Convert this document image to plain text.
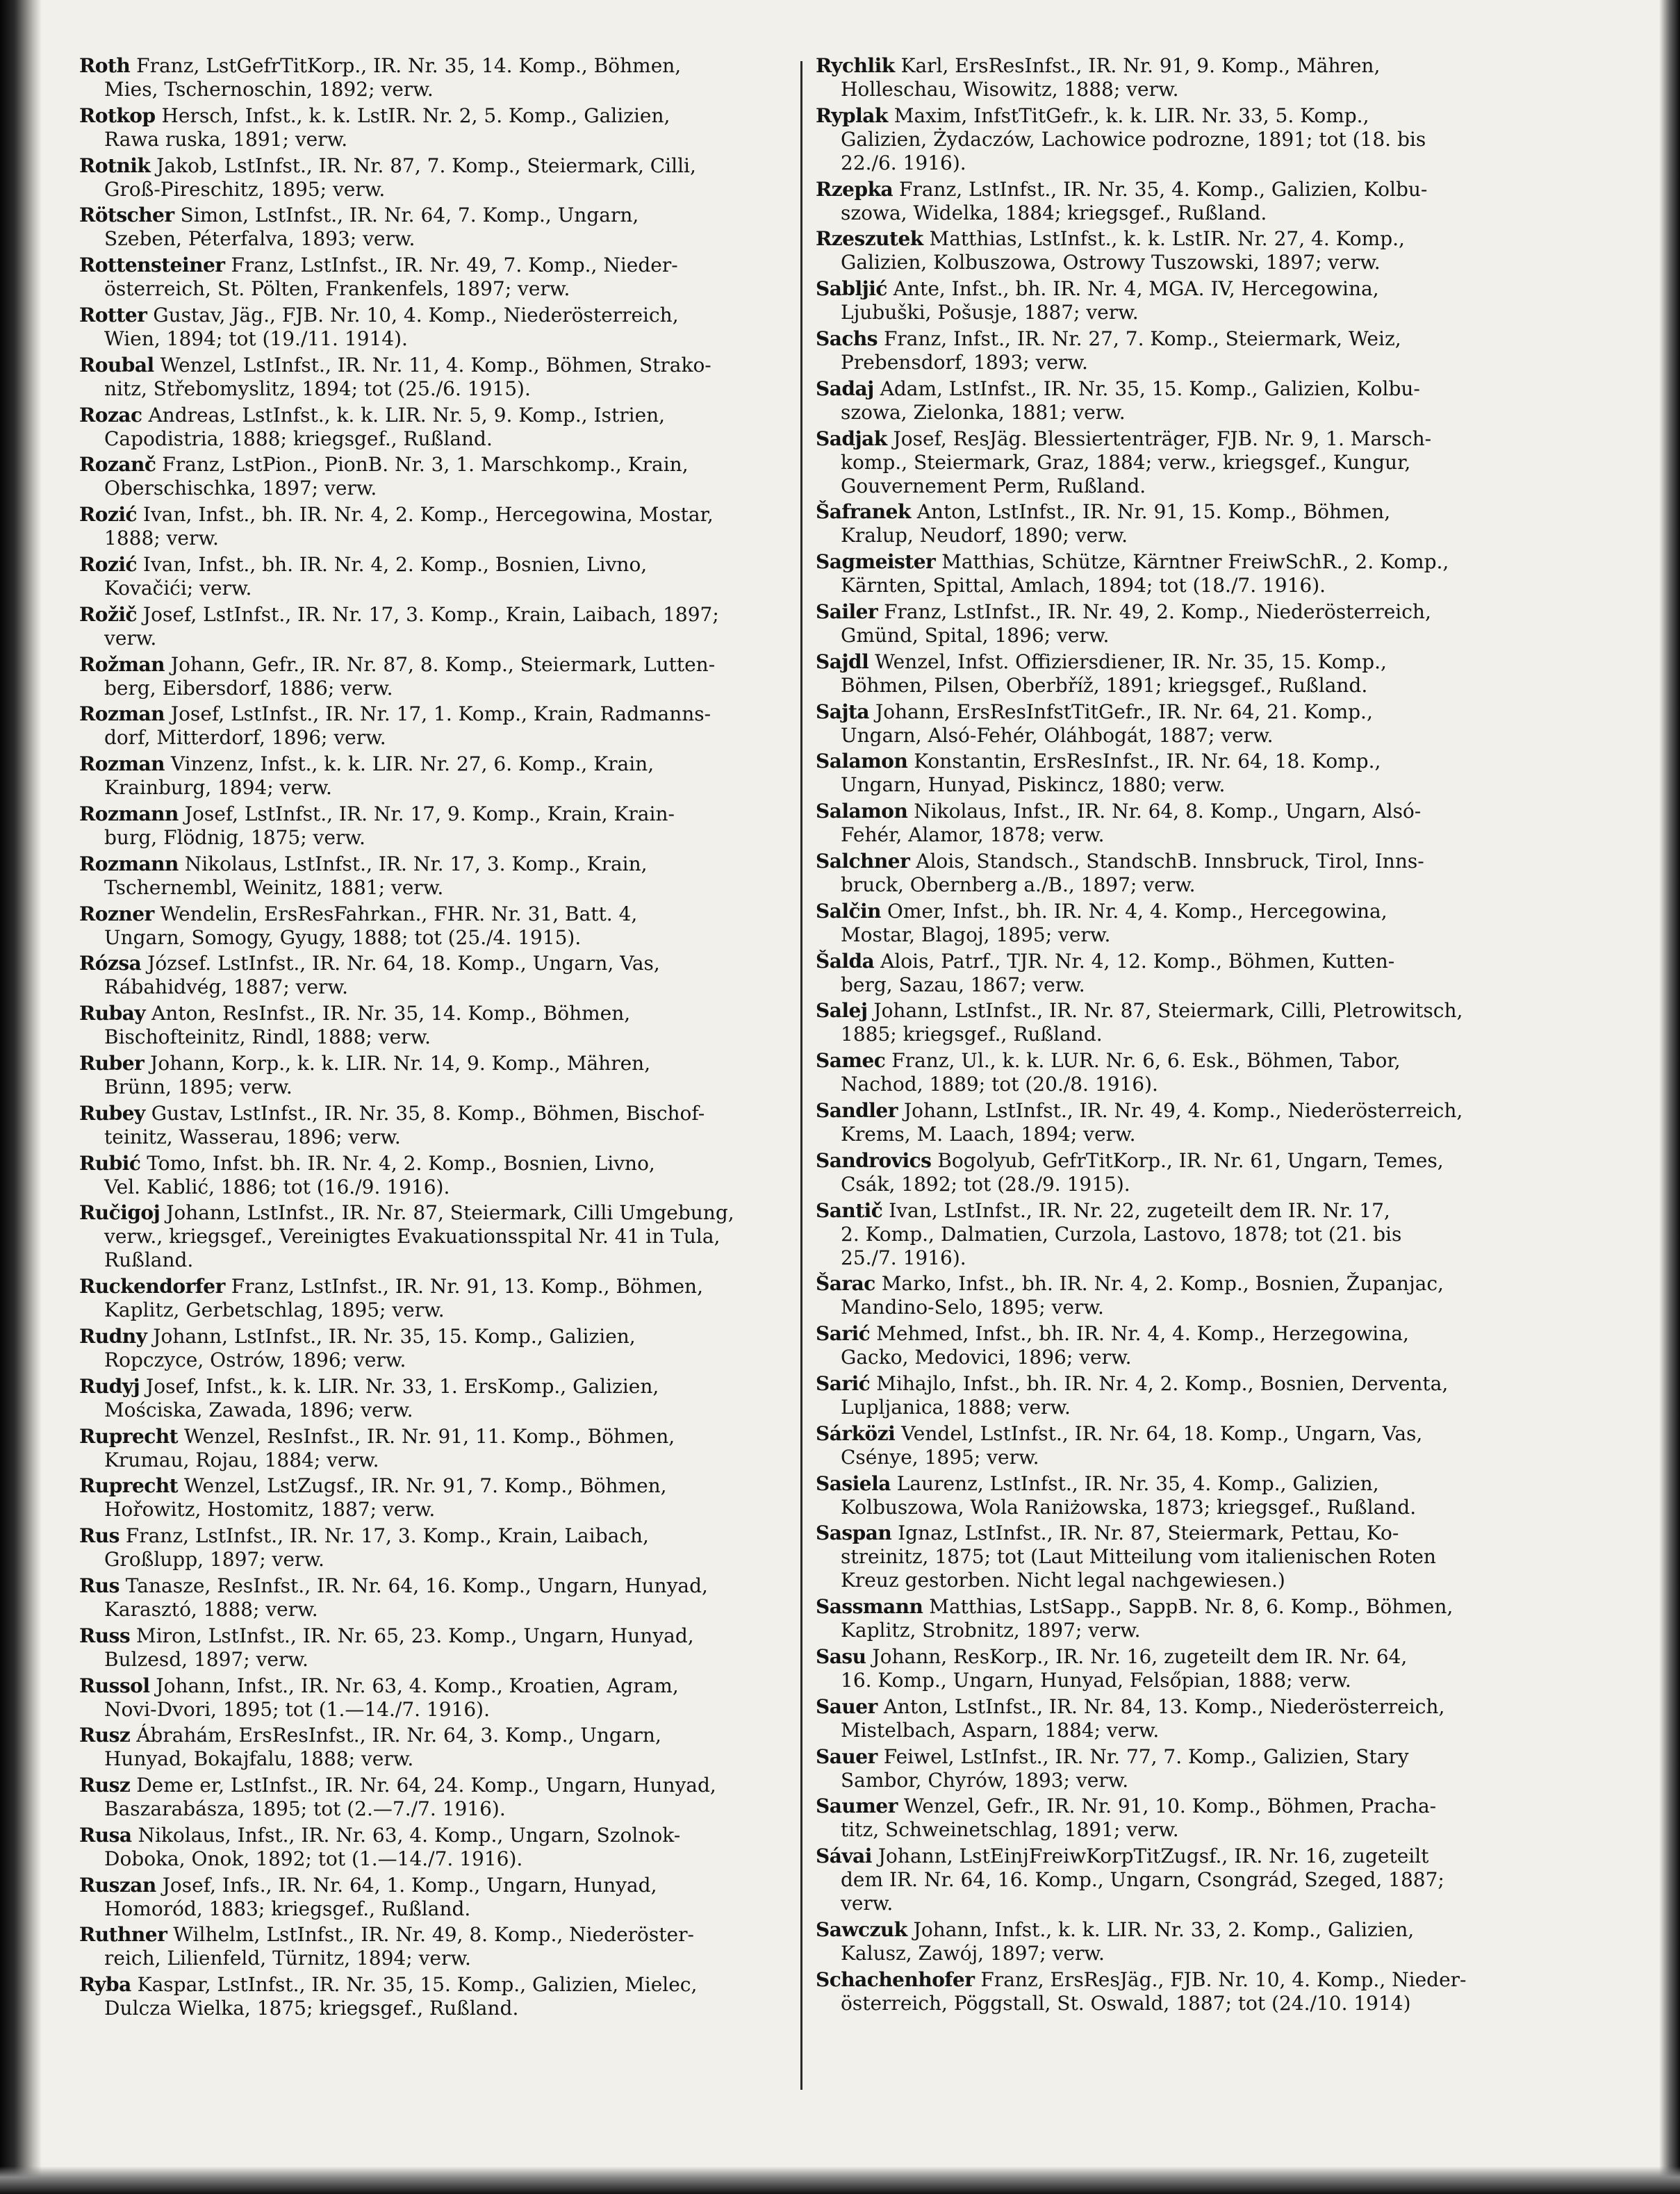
Roth Franz, LstGefrTitKorp., IR. Nr. 35, 14. Komp., Böhmen,
Mies, Tschernoschin, 1892; verw.
Rotkop Hersch, Infst., k. k. LstIR. Nr. 2, 5. Komp., Galizien,
Rawa ruska, 1891; verw.
Rotnik Jakob, LstInfst., IR. Nr. 87, 7. Komp., Steiermark, Cilli,
Groß-Pireschitz, 1895; verw.
Rötscher Simon, LstInfst., IR. Nr. 64, 7. Komp., Ungarn,
Szeben, Péterfalva, 1893; verw.
Rottensteiner Franz, LstInfst., IR. Nr. 49, 7. Komp., Nieder-
österreich, St. Pölten, Frankenfels, 1897; verw.
Rotter Gustav, Jäg., FJB. Nr. 10, 4. Komp., Niederösterreich,
Wien, 1894; tot (19./11. 1914).
Roubal Wenzel, LstInfst., IR. Nr. 11, 4. Komp., Böhmen, Strako-
nitz, Střebomyslitz, 1894; tot (25./6. 1915).
Rozac Andreas, LstInfst., k. k. LIR. Nr. 5, 9. Komp., Istrien,
Capodistria, 1888; kriegsgef., Rußland.
Rozanč Franz, LstPion., PionB. Nr. 3, 1. Marschkomp., Krain,
Oberschischka, 1897; verw.
Rozić Ivan, Infst., bh. IR. Nr. 4, 2. Komp., Hercegowina, Mostar,
1888; verw.
Rozić Ivan, Infst., bh. IR. Nr. 4, 2. Komp., Bosnien, Livno,
Kovačići; verw.
Rožič Josef, LstInfst., IR. Nr. 17, 3. Komp., Krain, Laibach, 1897;
verw.
Rožman Johann, Gefr., IR. Nr. 87, 8. Komp., Steiermark, Lutten-
berg, Eibersdorf, 1886; verw.
Rozman Josef, LstInfst., IR. Nr. 17, 1. Komp., Krain, Radmanns-
dorf, Mitterdorf, 1896; verw.
Rozman Vinzenz, Infst., k. k. LIR. Nr. 27, 6. Komp., Krain,
Krainburg, 1894; verw.
Rozmann Josef, LstInfst., IR. Nr. 17, 9. Komp., Krain, Krain-
burg, Flödnig, 1875; verw.
Rozmann Nikolaus, LstInfst., IR. Nr. 17, 3. Komp., Krain,
Tschernembl, Weinitz, 1881; verw.
Rozner Wendelin, ErsResFahrkan., FHR. Nr. 31, Batt. 4,
Ungarn, Somogy, Gyugy, 1888; tot (25./4. 1915).
Rózsa József. LstInfst., IR. Nr. 64, 18. Komp., Ungarn, Vas,
Rábahidvég, 1887; verw.
Rubay Anton, ResInfst., IR. Nr. 35, 14. Komp., Böhmen,
Bischofteinitz, Rindl, 1888; verw.
Ruber Johann, Korp., k. k. LIR. Nr. 14, 9. Komp., Mähren,
Brünn, 1895; verw.
Rubey Gustav, LstInfst., IR. Nr. 35, 8. Komp., Böhmen, Bischof-
teinitz, Wasserau, 1896; verw.
Rubić Tomo, Infst. bh. IR. Nr. 4, 2. Komp., Bosnien, Livno,
Vel. Kablić, 1886; tot (16./9. 1916).
Ručigoj Johann, LstInfst., IR. Nr. 87, Steiermark, Cilli Umgebung,
verw., kriegsgef., Vereinigtes Evakuationsspital Nr. 41 in Tula,
Rußland.
Ruckendorfer Franz, LstInfst., IR. Nr. 91, 13. Komp., Böhmen,
Kaplitz, Gerbetschlag, 1895; verw.
Rudny Johann, LstInfst., IR. Nr. 35, 15. Komp., Galizien,
Ropczyce, Ostrów, 1896; verw.
Rudyj Josef, Infst., k. k. LIR. Nr. 33, 1. ErsKomp., Galizien,
Mościska, Zawada, 1896; verw.
Ruprecht Wenzel, ResInfst., IR. Nr. 91, 11. Komp., Böhmen,
Krumau, Rojau, 1884; verw.
Ruprecht Wenzel, LstZugsf., IR. Nr. 91, 7. Komp., Böhmen,
Hořowitz, Hostomitz, 1887; verw.
Rus Franz, LstInfst., IR. Nr. 17, 3. Komp., Krain, Laibach,
Großlupp, 1897; verw.
Rus Tanasze, ResInfst., IR. Nr. 64, 16. Komp., Ungarn, Hunyad,
Karasztó, 1888; verw.
Russ Miron, LstInfst., IR. Nr. 65, 23. Komp., Ungarn, Hunyad,
Bulzesd, 1897; verw.
Russol Johann, Infst., IR. Nr. 63, 4. Komp., Kroatien, Agram,
Novi-Dvori, 1895; tot (1.—14./7. 1916).
Rusz Ábrahám, ErsResInfst., IR. Nr. 64, 3. Komp., Ungarn,
Hunyad, Bokajfalu, 1888; verw.
Rusz Deme er, LstInfst., IR. Nr. 64, 24. Komp., Ungarn, Hunyad,
Baszarabásza, 1895; tot (2.—7./7. 1916).
Rusa Nikolaus, Infst., IR. Nr. 63, 4. Komp., Ungarn, Szolnok-
Doboka, Onok, 1892; tot (1.—14./7. 1916).
Ruszan Josef, Infs., IR. Nr. 64, 1. Komp., Ungarn, Hunyad,
Homoród, 1883; kriegsgef., Rußland.
Ruthner Wilhelm, LstInfst., IR. Nr. 49, 8. Komp., Niederöster-
reich, Lilienfeld, Türnitz, 1894; verw.
Ryba Kaspar, LstInfst., IR. Nr. 35, 15. Komp., Galizien, Mielec,
Dulcza Wielka, 1875; kriegsgef., Rußland.
Rychlik Karl, ErsResInfst., IR. Nr. 91, 9. Komp., Mähren,
Holleschau, Wisowitz, 1888; verw.
Ryplak Maxim, InfstTitGefr., k. k. LIR. Nr. 33, 5. Komp.,
Galizien, Żydaczów, Lachowice podrozne, 1891; tot (18. bis
22./6. 1916).
Rzepka Franz, LstInfst., IR. Nr. 35, 4. Komp., Galizien, Kolbu-
szowa, Widelka, 1884; kriegsgef., Rußland.
Rzeszutek Matthias, LstInfst., k. k. LstIR. Nr. 27, 4. Komp.,
Galizien, Kolbuszowa, Ostrowy Tuszowski, 1897; verw.
Sabljić Ante, Infst., bh. IR. Nr. 4, MGA. IV, Hercegowina,
Ljubuški, Pošusje, 1887; verw.
Sachs Franz, Infst., IR. Nr. 27, 7. Komp., Steiermark, Weiz,
Prebensdorf, 1893; verw.
Sadaj Adam, LstInfst., IR. Nr. 35, 15. Komp., Galizien, Kolbu-
szowa, Zielonka, 1881; verw.
Sadjak Josef, ResJäg. Blessiertenträger, FJB. Nr. 9, 1. Marsch-
komp., Steiermark, Graz, 1884; verw., kriegsgef., Kungur,
Gouvernement Perm, Rußland.
Šafranek Anton, LstInfst., IR. Nr. 91, 15. Komp., Böhmen,
Kralup, Neudorf, 1890; verw.
Sagmeister Matthias, Schütze, Kärntner FreiwSchR., 2. Komp.,
Kärnten, Spittal, Amlach, 1894; tot (18./7. 1916).
Sailer Franz, LstInfst., IR. Nr. 49, 2. Komp., Niederösterreich,
Gmünd, Spital, 1896; verw.
Sajdl Wenzel, Infst. Offiziersdiener, IR. Nr. 35, 15. Komp.,
Böhmen, Pilsen, Oberbříž, 1891; kriegsgef., Rußland.
Sajta Johann, ErsResInfstTitGefr., IR. Nr. 64, 21. Komp.,
Ungarn, Alsó-Fehér, Oláhbogát, 1887; verw.
Salamon Konstantin, ErsResInfst., IR. Nr. 64, 18. Komp.,
Ungarn, Hunyad, Piskincz, 1880; verw.
Salamon Nikolaus, Infst., IR. Nr. 64, 8. Komp., Ungarn, Alsó-
Fehér, Alamor, 1878; verw.
Salchner Alois, Standsch., StandschB. Innsbruck, Tirol, Inns-
bruck, Obernberg a./B., 1897; verw.
Salčin Omer, Infst., bh. IR. Nr. 4, 4. Komp., Hercegowina,
Mostar, Blagoj, 1895; verw.
Šalda Alois, Patrf., TJR. Nr. 4, 12. Komp., Böhmen, Kutten-
berg, Sazau, 1867; verw.
Salej Johann, LstInfst., IR. Nr. 87, Steiermark, Cilli, Pletrowitsch,
1885; kriegsgef., Rußland.
Samec Franz, Ul., k. k. LUR. Nr. 6, 6. Esk., Böhmen, Tabor,
Nachod, 1889; tot (20./8. 1916).
Sandler Johann, LstInfst., IR. Nr. 49, 4. Komp., Niederösterreich,
Krems, M. Laach, 1894; verw.
Sandrovics Bogolyub, GefrTitKorp., IR. Nr. 61, Ungarn, Temes,
Csák, 1892; tot (28./9. 1915).
Santič Ivan, LstInfst., IR. Nr. 22, zugeteilt dem IR. Nr. 17,
2. Komp., Dalmatien, Curzola, Lastovo, 1878; tot (21. bis
25./7. 1916).
Šarac Marko, Infst., bh. IR. Nr. 4, 2. Komp., Bosnien, Županjac,
Mandino-Selo, 1895; verw.
Sarić Mehmed, Infst., bh. IR. Nr. 4, 4. Komp., Herzegowina,
Gacko, Medovici, 1896; verw.
Sarić Mihajlo, Infst., bh. IR. Nr. 4, 2. Komp., Bosnien, Derventa,
Lupljanica, 1888; verw.
Sárközi Vendel, LstInfst., IR. Nr. 64, 18. Komp., Ungarn, Vas,
Csénye, 1895; verw.
Sasiela Laurenz, LstInfst., IR. Nr. 35, 4. Komp., Galizien,
Kolbuszowa, Wola Raniżowska, 1873; kriegsgef., Rußland.
Saspan Ignaz, LstInfst., IR. Nr. 87, Steiermark, Pettau, Ko-
streinitz, 1875; tot (Laut Mitteilung vom italienischen Roten
Kreuz gestorben. Nicht legal nachgewiesen.)
Sassmann Matthias, LstSapp., SappB. Nr. 8, 6. Komp., Böhmen,
Kaplitz, Strobnitz, 1897; verw.
Sasu Johann, ResKorp., IR. Nr. 16, zugeteilt dem IR. Nr. 64,
16. Komp., Ungarn, Hunyad, Felsőpian, 1888; verw.
Sauer Anton, LstInfst., IR. Nr. 84, 13. Komp., Niederösterreich,
Mistelbach, Asparn, 1884; verw.
Sauer Feiwel, LstInfst., IR. Nr. 77, 7. Komp., Galizien, Stary
Sambor, Chyrów, 1893; verw.
Saumer Wenzel, Gefr., IR. Nr. 91, 10. Komp., Böhmen, Pracha-
titz, Schweinetschlag, 1891; verw.
Sávai Johann, LstEinjFreiwKorpTitZugsf., IR. Nr. 16, zugeteilt
dem IR. Nr. 64, 16. Komp., Ungarn, Csongrád, Szeged, 1887;
verw.
Sawczuk Johann, Infst., k. k. LIR. Nr. 33, 2. Komp., Galizien,
Kalusz, Zawój, 1897; verw.
Schachenhofer Franz, ErsResJäg., FJB. Nr. 10, 4. Komp., Nieder-
österreich, Pöggstall, St. Oswald, 1887; tot (24./10. 1914)
